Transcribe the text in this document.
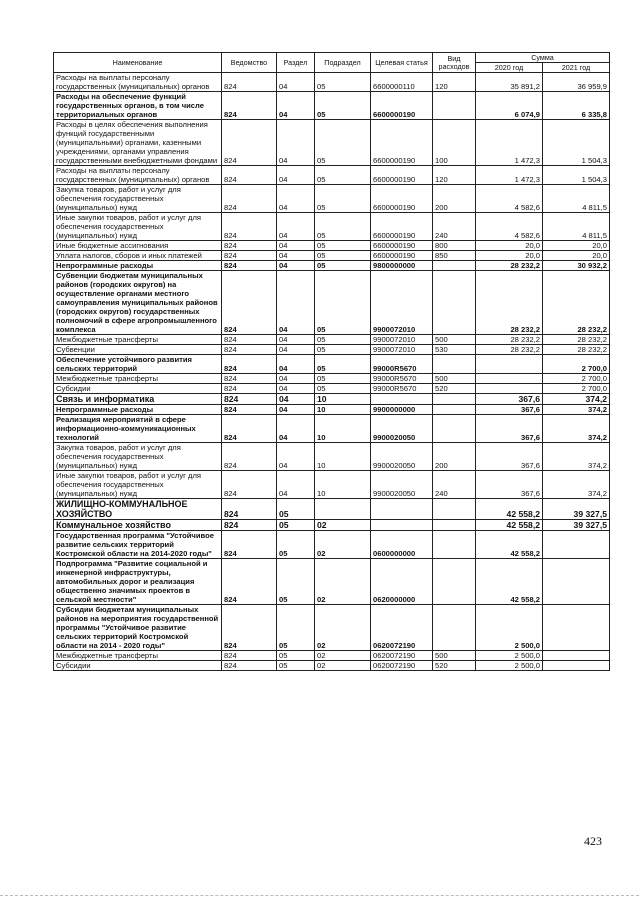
Наименование	Ведомство	Раздел	Подраздел	Целевая статья	Вид расходов	Сумма	
						2020 год	2021 год
Расходы на выплаты персоналу государственных (муниципальных) органов	824	04	05	6600000110	120	35 891,2	36 959,9
Расходы на обеспечение функций государственных органов, в том числе территориальных органов	824	04	05	6600000190		6 074,9	6 335,8
Расходы в целях обеспечения выполнения функций государственными (муниципальными) органами, казенными учреждениями, органами управления государственными внебюджетными фондами	824	04	05	6600000190	100	1 472,3	1 504,3
Расходы на выплаты персоналу государственных (муниципальных) органов	824	04	05	6600000190	120	1 472,3	1 504,3
Закупка товаров, работ и услуг для обеспечения государственных (муниципальных) нужд	824	04	05	6600000190	200	4 582,6	4 811,5
Иные закупки товаров, работ и услуг для обеспечения государственных (муниципальных) нужд	824	04	05	6600000190	240	4 582,6	4 811,5
Иные бюджетные ассигнования	824	04	05	6600000190	800	20,0	20,0
Уплата налогов, сборов и иных платежей	824	04	05	6600000190	850	20,0	20,0
Непрограммные расходы	824	04	05	9800000000		28 232,2	30 932,2
Субвенции бюджетам муниципальных районов (городских округов) на осуществление органами местного самоуправления муниципальных районов (городских округов) государственных полномочий в сфере агропромышленного комплекса	824	04	05	9900072010		28 232,2	28 232,2
Межбюджетные трансферты	824	04	05	9900072010	500	28 232,2	28 232,2
Субвенции	824	04	05	9900072010	530	28 232,2	28 232,2
Обеспечение устойчивого развития сельских территорий	824	04	05	99000R5670			2 700,0
Межбюджетные трансферты	824	04	05	99000R5670	500		2 700,0
Субсидии	824	04	05	99000R5670	520		2 700,0
Связь и информатика	824	04	10			367,6	374,2
Непрограммные расходы	824	04	10	9900000000		367,6	374,2
Реализация мероприятий в сфере информационно-коммуникационных технологий	824	04	10	9900020050		367,6	374,2
Закупка товаров, работ и услуг для обеспечения государственных (муниципальных) нужд	824	04	10	9900020050	200	367,6	374,2
Иные закупки товаров, работ и услуг для обеспечения государственных (муниципальных) нужд	824	04	10	9900020050	240	367,6	374,2
ЖИЛИЩНО-КОММУНАЛЬНОЕ ХОЗЯЙСТВО	824	05				42 558,2	39 327,5
Коммунальное хозяйство	824	05	02			42 558,2	39 327,5
Государственная программа "Устойчивое развитие сельских территорий Костромской области на 2014-2020 годы"	824	05	02	0600000000		42 558,2	
Подпрограмма "Развитие социальной и инженерной инфраструктуры, автомобильных дорог и реализация общественно значимых проектов в сельской местности"	824	05	02	0620000000		42 558,2	
Субсидии бюджетам муниципальных районов на мероприятия государственной программы "Устойчивое развитие сельских территорий Костромской области на 2014 - 2020 годы"	824	05	02	0620072190		2 500,0	
Межбюджетные трансферты	824	05	02	0620072190	500	2 500,0	
Субсидии	824	05	02	0620072190	520	2 500,0	
423
